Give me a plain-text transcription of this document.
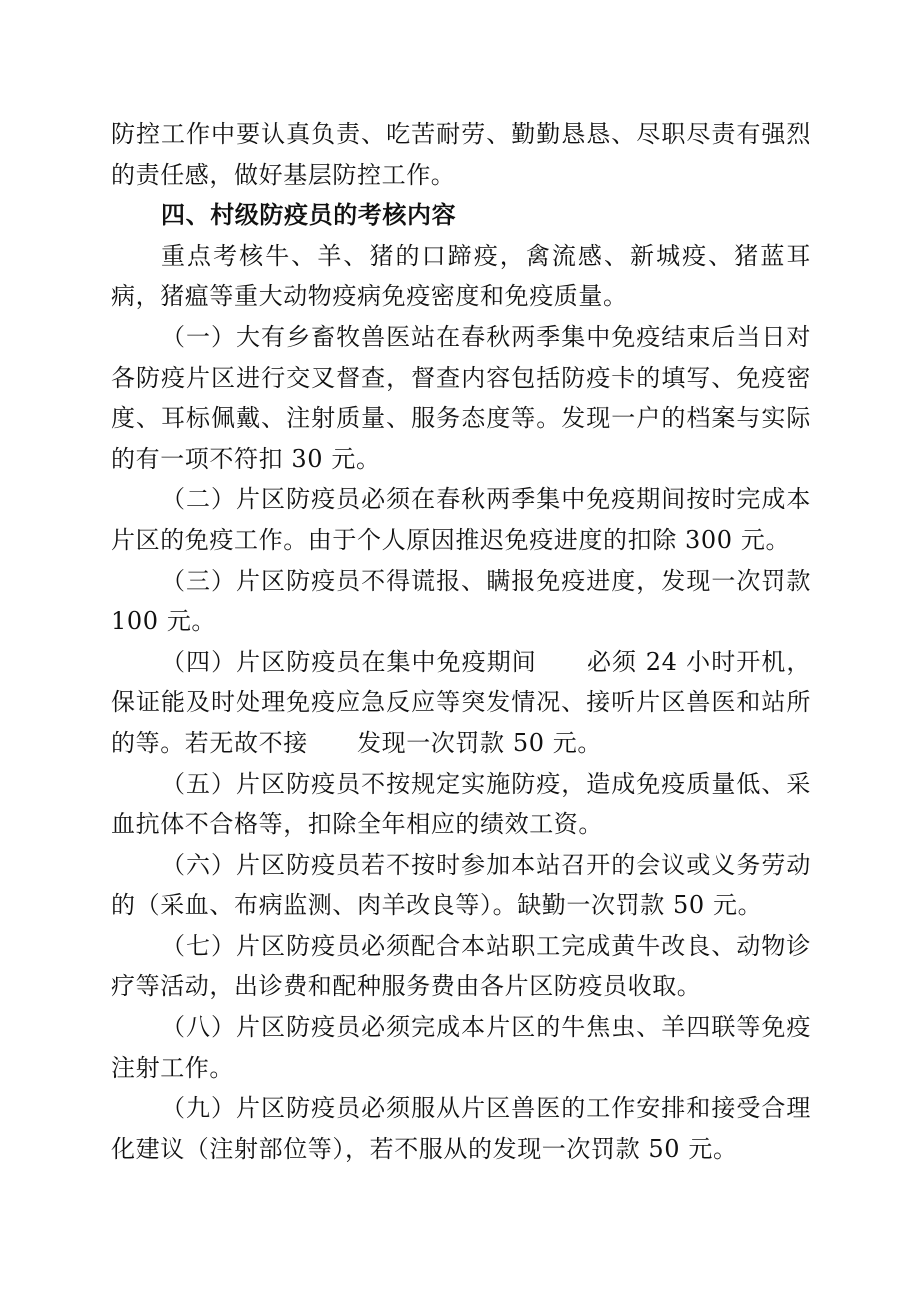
防控工作中要认真负责、吃苦耐劳、勤勤恳恳、尽职尽责有强烈的责任感，做好基层防控工作。

四、村级防疫员的考核内容

重点考核牛、羊、猪的口蹄疫，禽流感、新城疫、猪蓝耳病，猪瘟等重大动物疫病免疫密度和免疫质量。

（一）大有乡畜牧兽医站在春秋两季集中免疫结束后当日对各防疫片区进行交叉督查，督查内容包括防疫卡的填写、免疫密度、耳标佩戴、注射质量、服务态度等。发现一户的档案与实际的有一项不符扣 30 元。

（二）片区防疫员必须在春秋两季集中免疫期间按时完成本片区的免疫工作。由于个人原因推迟免疫进度的扣除 300 元。

（三）片区防疫员不得谎报、瞒报免疫进度，发现一次罚款 100 元。

（四）片区防疫员在集中免疫期间　　必须 24 小时开机，保证能及时处理免疫应急反应等突发情况、接听片区兽医和站所的等。若无故不接　　发现一次罚款 50 元。

（五）片区防疫员不按规定实施防疫，造成免疫质量低、采血抗体不合格等，扣除全年相应的绩效工资。

（六）片区防疫员若不按时参加本站召开的会议或义务劳动的（采血、布病监测、肉羊改良等）。缺勤一次罚款 50 元。

（七）片区防疫员必须配合本站职工完成黄牛改良、动物诊疗等活动，出诊费和配种服务费由各片区防疫员收取。

（八）片区防疫员必须完成本片区的牛焦虫、羊四联等免疫注射工作。

（九）片区防疫员必须服从片区兽医的工作安排和接受合理化建议（注射部位等），若不服从的发现一次罚款 50 元。
